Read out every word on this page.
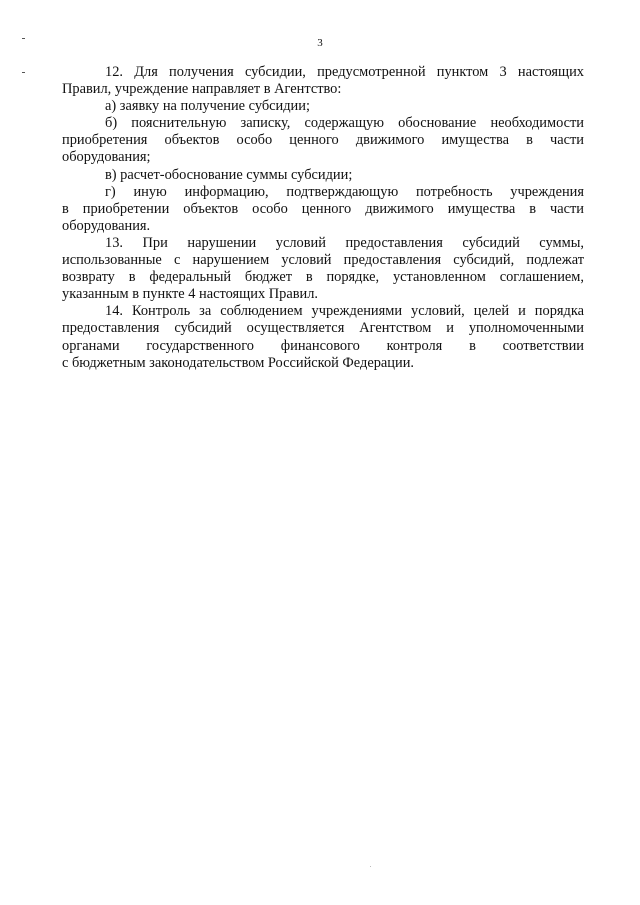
3
12. Для получения субсидии, предусмотренной пунктом 3 настоящих
Правил, учреждение направляет в Агентство:
а) заявку на получение субсидии;
б) пояснительную записку, содержащую обоснование необходимости
приобретения объектов особо ценного движимого имущества в части
оборудования;
в) расчет-обоснование суммы субсидии;
г) иную информацию, подтверждающую потребность учреждения
в приобретении объектов особо ценного движимого имущества в части
оборудования.
13. При нарушении условий предоставления субсидий суммы,
использованные с нарушением условий предоставления субсидий, подлежат
возврату в федеральный бюджет в порядке, установленном соглашением,
указанным в пункте 4 настоящих Правил.
14. Контроль за соблюдением учреждениями условий, целей и порядка
предоставления субсидий осуществляется Агентством и уполномоченными
органами государственного финансового контроля в соответствии
с бюджетным законодательством Российской Федерации.
